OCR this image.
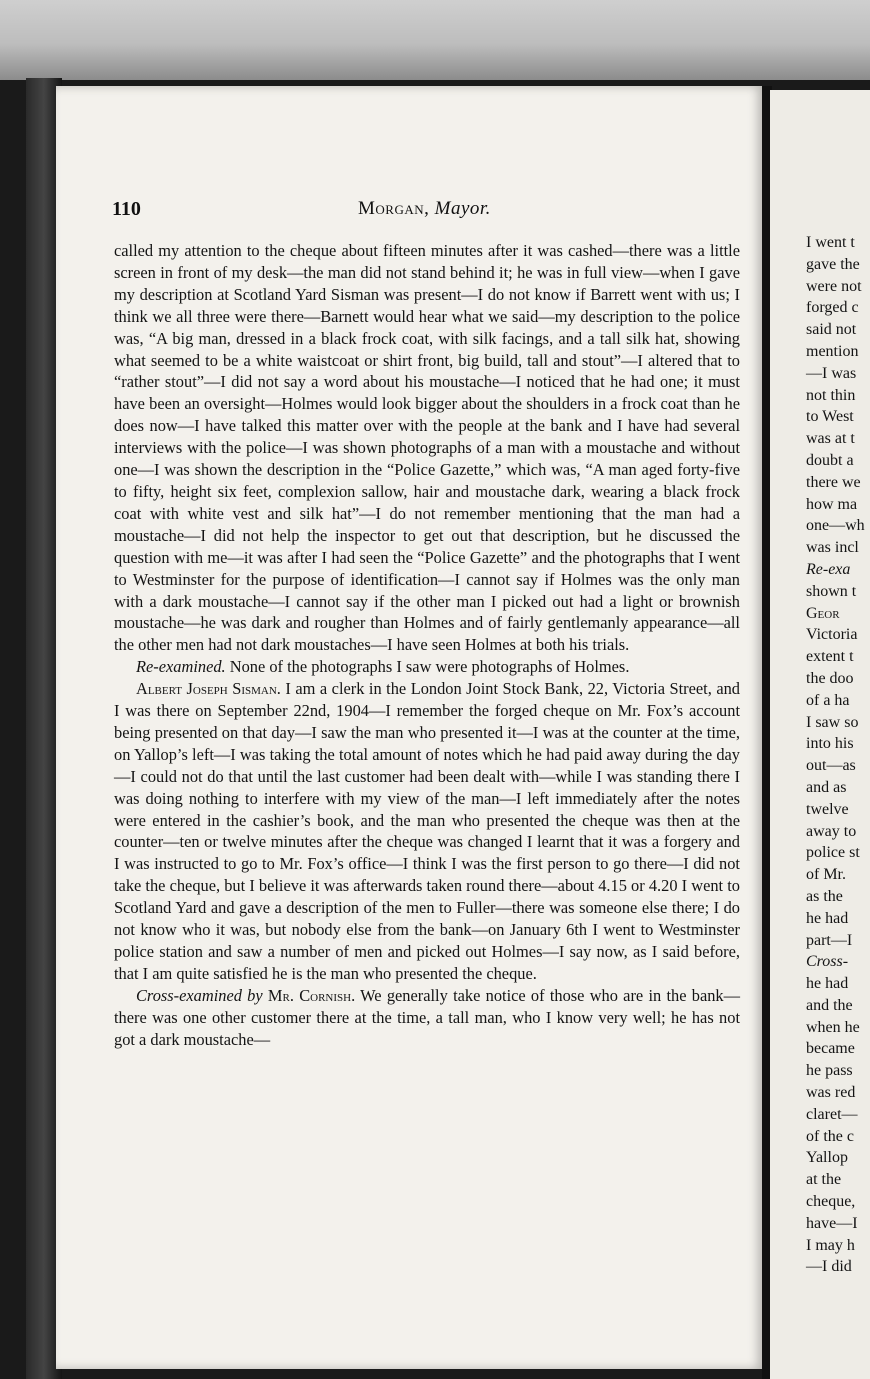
110	Morgan, Mayor.

called my attention to the cheque about fifteen minutes after it was cashed—there was a little screen in front of my desk—the man did not stand behind it; he was in full view—when I gave my description at Scotland Yard Sisman was present—I do not know if Barrett went with us; I think we all three were there—Barnett would hear what we said—my description to the police was, “A big man, dressed in a black frock coat, with silk facings, and a tall silk hat, showing what seemed to be a white waistcoat or shirt front, big build, tall and stout”—I altered that to “rather stout”—I did not say a word about his moustache—I noticed that he had one; it must have been an oversight—Holmes would look bigger about the shoulders in a frock coat than he does now—I have talked this matter over with the people at the bank and I have had several interviews with the police—I was shown photographs of a man with a moustache and without one—I was shown the description in the “Police Gazette,” which was, “A man aged forty-five to fifty, height six feet, complexion sallow, hair and moustache dark, wearing a black frock coat with white vest and silk hat”—I do not remember mentioning that the man had a moustache—I did not help the inspector to get out that description, but he discussed the question with me—it was after I had seen the “Police Gazette” and the photographs that I went to Westminster for the purpose of identification—I cannot say if Holmes was the only man with a dark moustache—I cannot say if the other man I picked out had a light or brownish moustache—he was dark and rougher than Holmes and of fairly gentlemanly appearance—all the other men had not dark moustaches—I have seen Holmes at both his trials.

Re-examined. None of the photographs I saw were photographs of Holmes.

Albert Joseph Sisman. I am a clerk in the London Joint Stock Bank, 22, Victoria Street, and I was there on September 22nd, 1904—I remember the forged cheque on Mr. Fox’s account being presented on that day—I saw the man who presented it—I was at the counter at the time, on Yallop’s left—I was taking the total amount of notes which he had paid away during the day—I could not do that until the last customer had been dealt with—while I was standing there I was doing nothing to interfere with my view of the man—I left immediately after the notes were entered in the cashier’s book, and the man who presented the cheque was then at the counter—ten or twelve minutes after the cheque was changed I learnt that it was a forgery and I was instructed to go to Mr. Fox’s office—I think I was the first person to go there—I did not take the cheque, but I believe it was afterwards taken round there—about 4.15 or 4.20 I went to Scotland Yard and gave a description of the men to Fuller—there was someone else there; I do not know who it was, but nobody else from the bank—on January 6th I went to Westminster police station and saw a number of men and picked out Holmes—I say now, as I said before, that I am quite satisfied he is the man who presented the cheque.

Cross-examined by Mr. Cornish. We generally take notice of those who are in the bank—there was one other customer there at the time, a tall man, who I know very well; he has not got a dark moustache—

I went t
gave the
were not
forged c
said not
mention
—I was
not thin
to West
was at t
doubt a
there we
how ma
one—wh
was incl
Re-exa
shown t
Geor
Victoria
extent t
the doo
of a ha
I saw so
into his
out—as
and as
twelve
away to
police st
of Mr.
as the
he had
part—I
Cross-
he had
and the
when he
became
he pass
was red
claret—
of the c
Yallop
at the
cheque,
have—I
I may h
—I did
